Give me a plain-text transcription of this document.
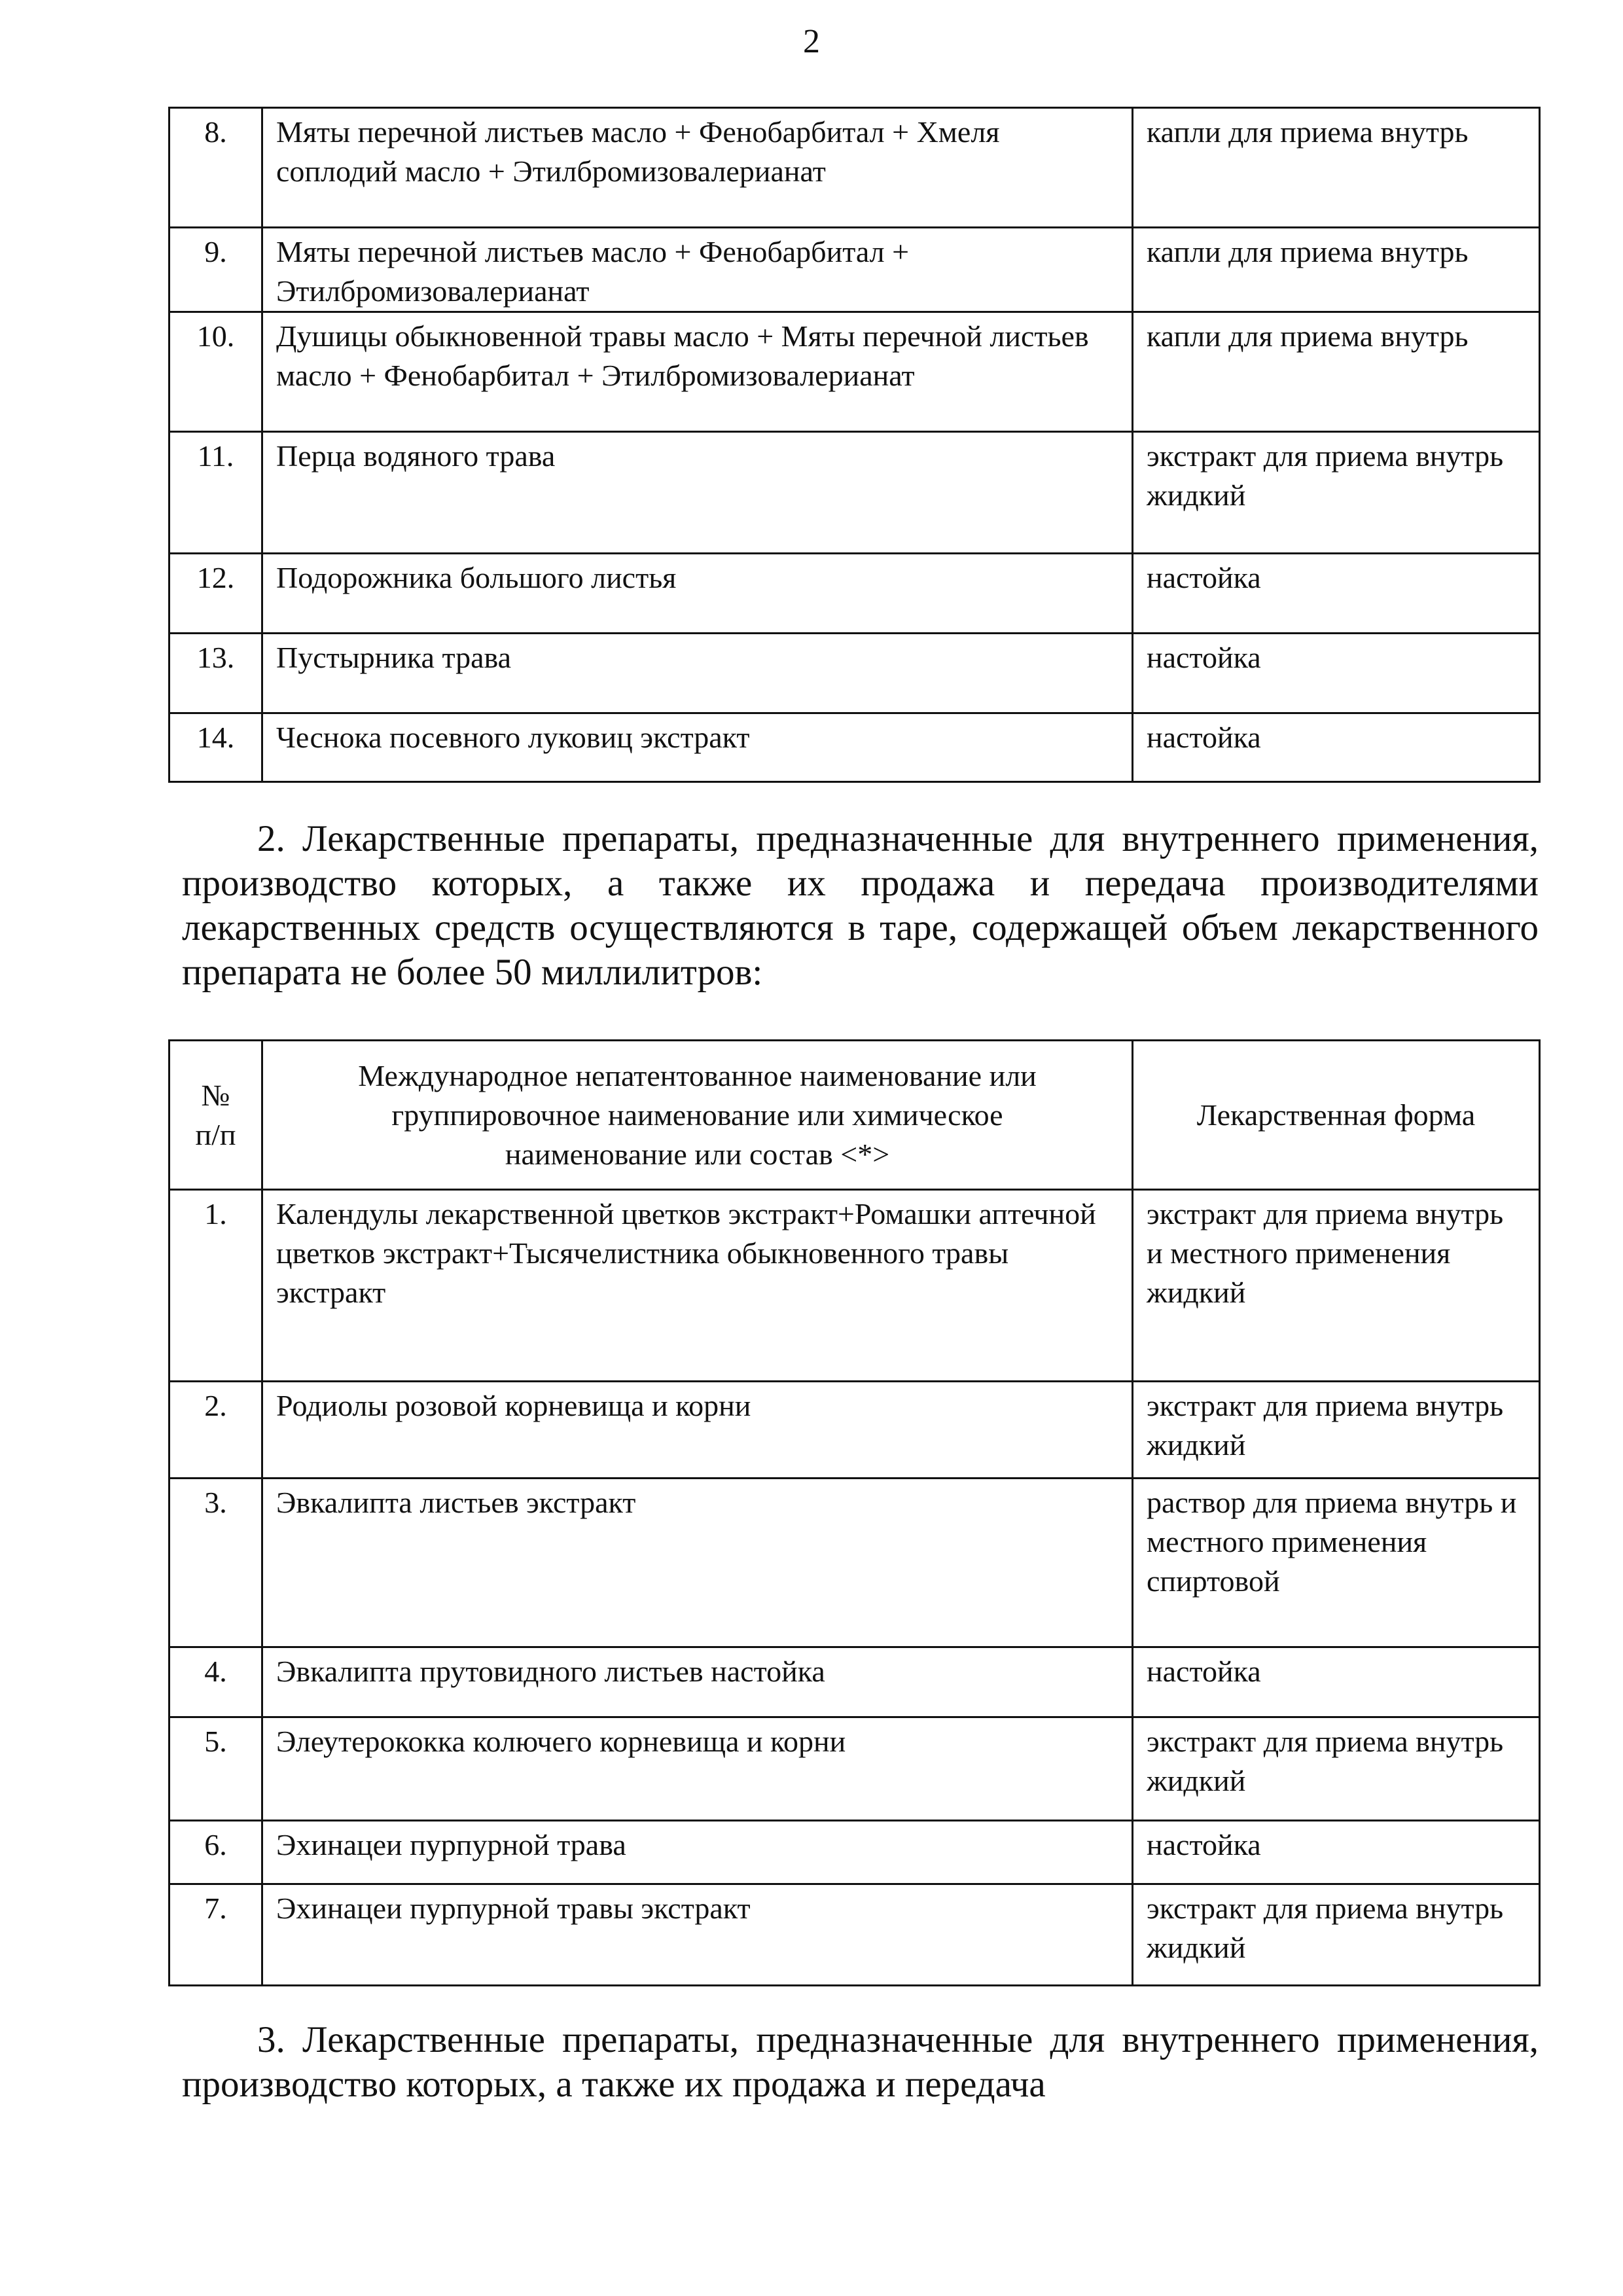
2
8.	Мяты перечной листьев масло + Фенобарбитал + Хмеля соплодий масло + Этилбромизовалерианат	капли для приема внутрь
9.	Мяты перечной листьев масло + Фенобарбитал + Этилбромизовалерианат	капли для приема внутрь
10.	Душицы обыкновенной травы масло + Мяты перечной листьев масло + Фенобарбитал + Этилбромизовалерианат	капли для приема внутрь
11.	Перца водяного трава	экстракт для приема внутрь жидкий
12.	Подорожника большого листья	настойка
13.	Пустырника трава	настойка
14.	Чеснока посевного луковиц экстракт	настойка
2. Лекарственные препараты, предназначенные для внутреннего применения, производство которых, а также их продажа и передача производителями лекарственных средств осуществляются в таре, содержащей объем лекарственного препарата не более 50 миллилитров:
№ п/п	Международное непатентованное наименование или группировочное наименование или химическое наименование или состав <*>	Лекарственная форма
1.	Календулы лекарственной цветков экстракт+Ромашки аптечной цветков экстракт+Тысячелистника обыкновенного травы экстракт	экстракт для приема внутрь и местного применения жидкий
2.	Родиолы розовой корневища и корни	экстракт для приема внутрь жидкий
3.	Эвкалипта листьев экстракт	раствор для приема внутрь и местного применения спиртовой
4.	Эвкалипта прутовидного листьев настойка	настойка
5.	Элеутерококка колючего корневища и корни	экстракт для приема внутрь жидкий
6.	Эхинацеи пурпурной трава	настойка
7.	Эхинацеи пурпурной травы экстракт	экстракт для приема внутрь жидкий
3. Лекарственные препараты, предназначенные для внутреннего применения, производство которых, а также их продажа и передача
